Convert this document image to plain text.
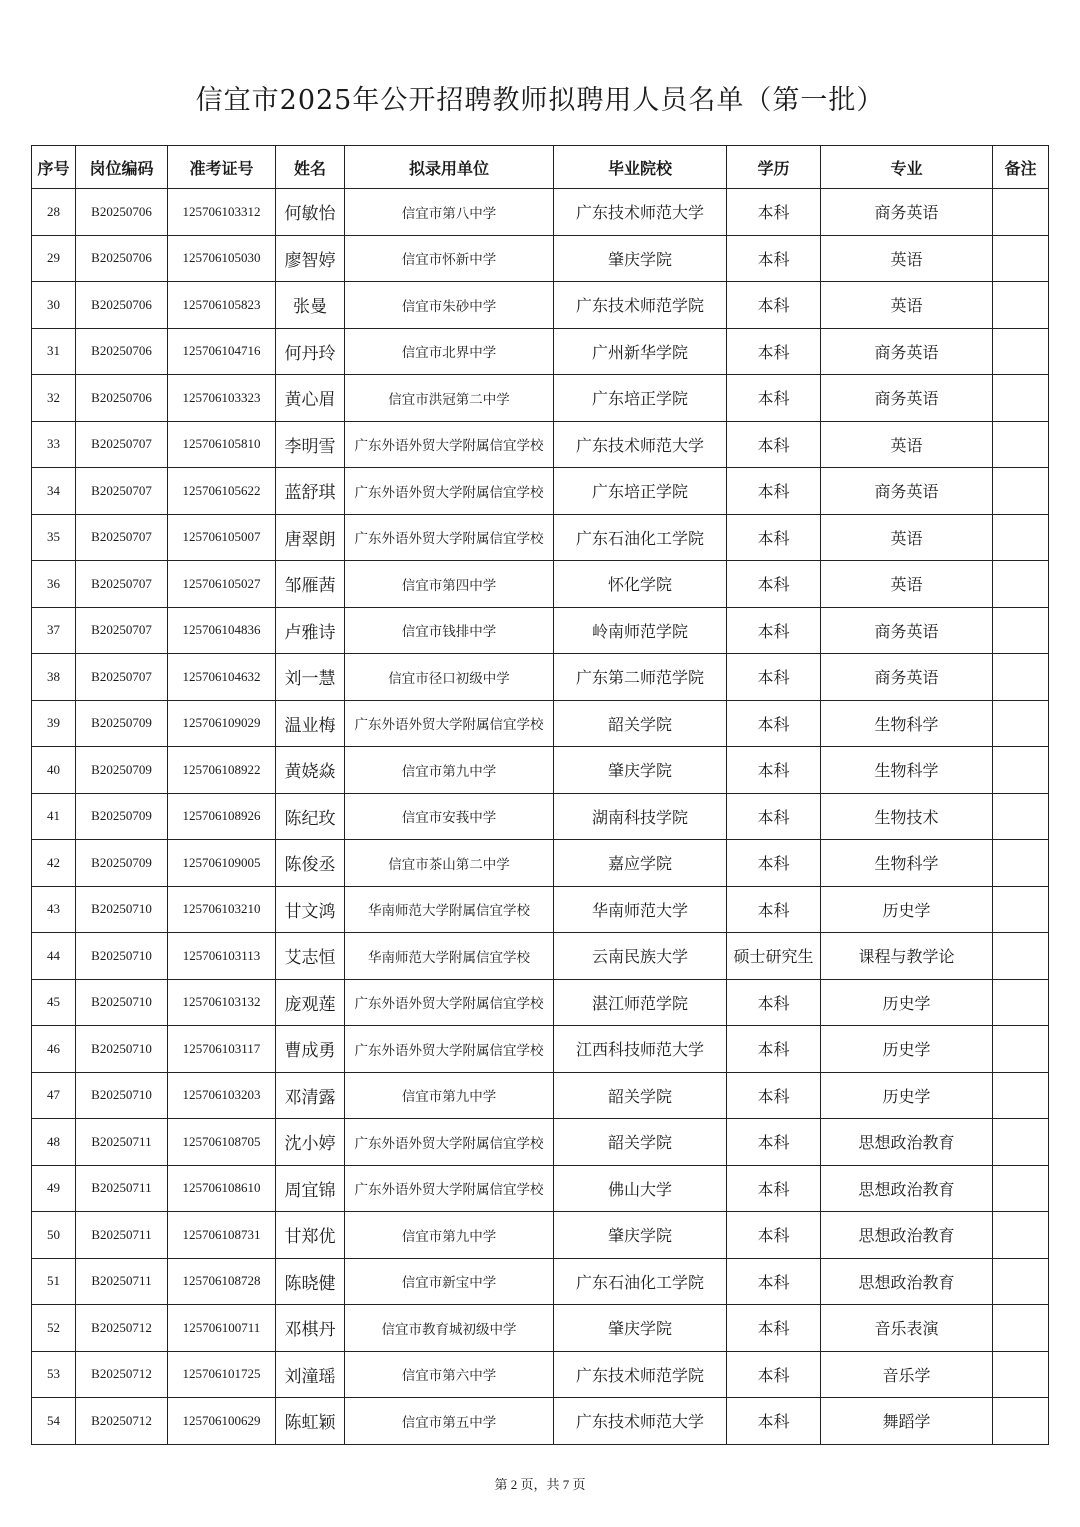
信宜市2025年公开招聘教师拟聘用人员名单（第一批）
序号	岗位编码	准考证号	姓名	拟录用单位	毕业院校	学历	专业	备注
28	B20250706	125706103312	何敏怡	信宜市第八中学	广东技术师范大学	本科	商务英语	
29	B20250706	125706105030	廖智婷	信宜市怀新中学	肇庆学院	本科	英语	
30	B20250706	125706105823	张曼	信宜市朱砂中学	广东技术师范学院	本科	英语	
31	B20250706	125706104716	何丹玲	信宜市北界中学	广州新华学院	本科	商务英语	
32	B20250706	125706103323	黄心眉	信宜市洪冠第二中学	广东培正学院	本科	商务英语	
33	B20250707	125706105810	李明雪	广东外语外贸大学附属信宜学校	广东技术师范大学	本科	英语	
34	B20250707	125706105622	蓝舒琪	广东外语外贸大学附属信宜学校	广东培正学院	本科	商务英语	
35	B20250707	125706105007	唐翠朗	广东外语外贸大学附属信宜学校	广东石油化工学院	本科	英语	
36	B20250707	125706105027	邹雁茜	信宜市第四中学	怀化学院	本科	英语	
37	B20250707	125706104836	卢雅诗	信宜市钱排中学	岭南师范学院	本科	商务英语	
38	B20250707	125706104632	刘一慧	信宜市径口初级中学	广东第二师范学院	本科	商务英语	
39	B20250709	125706109029	温业梅	广东外语外贸大学附属信宜学校	韶关学院	本科	生物科学	
40	B20250709	125706108922	黄娆焱	信宜市第九中学	肇庆学院	本科	生物科学	
41	B20250709	125706108926	陈纪玫	信宜市安莪中学	湖南科技学院	本科	生物技术	
42	B20250709	125706109005	陈俊丞	信宜市茶山第二中学	嘉应学院	本科	生物科学	
43	B20250710	125706103210	甘文鸿	华南师范大学附属信宜学校	华南师范大学	本科	历史学	
44	B20250710	125706103113	艾志恒	华南师范大学附属信宜学校	云南民族大学	硕士研究生	课程与教学论	
45	B20250710	125706103132	庞观莲	广东外语外贸大学附属信宜学校	湛江师范学院	本科	历史学	
46	B20250710	125706103117	曹成勇	广东外语外贸大学附属信宜学校	江西科技师范大学	本科	历史学	
47	B20250710	125706103203	邓清露	信宜市第九中学	韶关学院	本科	历史学	
48	B20250711	125706108705	沈小婷	广东外语外贸大学附属信宜学校	韶关学院	本科	思想政治教育	
49	B20250711	125706108610	周宜锦	广东外语外贸大学附属信宜学校	佛山大学	本科	思想政治教育	
50	B20250711	125706108731	甘郑优	信宜市第九中学	肇庆学院	本科	思想政治教育	
51	B20250711	125706108728	陈晓健	信宜市新宝中学	广东石油化工学院	本科	思想政治教育	
52	B20250712	125706100711	邓棋丹	信宜市教育城初级中学	肇庆学院	本科	音乐表演	
53	B20250712	125706101725	刘潼瑶	信宜市第六中学	广东技术师范学院	本科	音乐学	
54	B20250712	125706100629	陈虹颖	信宜市第五中学	广东技术师范大学	本科	舞蹈学	
第 2 页，共 7 页
